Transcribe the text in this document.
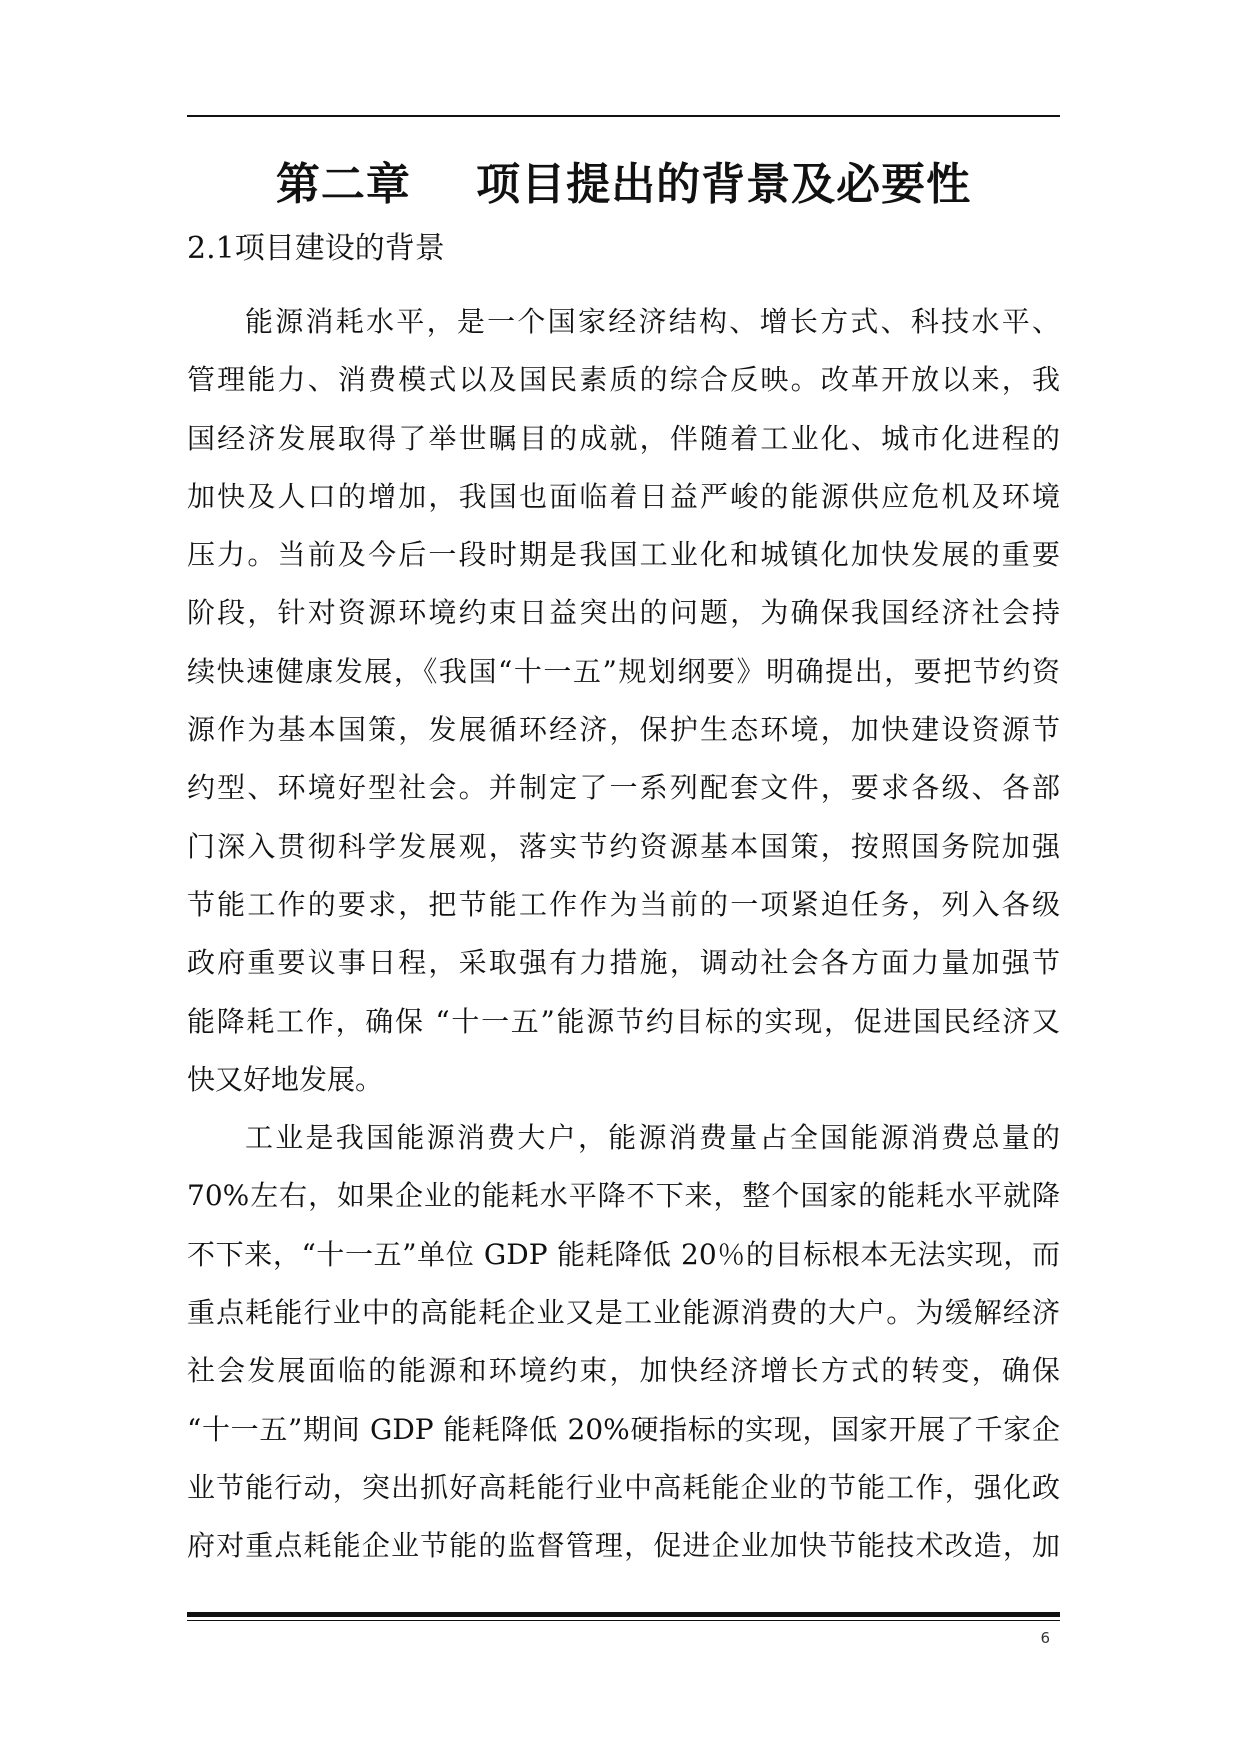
第二章    项目提出的背景及必要性
2.1项目建设的背景
能源消耗水平，是一个国家经济结构、增长方式、科技水平、
管理能力、消费模式以及国民素质的综合反映。改革开放以来，我
国经济发展取得了举世瞩目的成就，伴随着工业化、城市化进程的
加快及人口的增加，我国也面临着日益严峻的能源供应危机及环境
压力。当前及今后一段时期是我国工业化和城镇化加快发展的重要
阶段，针对资源环境约束日益突出的问题，为确保我国经济社会持
续快速健康发展，《我国“十一五”规划纲要》明确提出，要把节约资
源作为基本国策，发展循环经济，保护生态环境，加快建设资源节
约型、环境好型社会。并制定了一系列配套文件，要求各级、各部
门深入贯彻科学发展观，落实节约资源基本国策，按照国务院加强
节能工作的要求，把节能工作作为当前的一项紧迫任务，列入各级
政府重要议事日程，采取强有力措施，调动社会各方面力量加强节
能降耗工作，确保 “十一五”能源节约目标的实现，促进国民经济又
快又好地发展。
工业是我国能源消费大户，能源消费量占全国能源消费总量的
70%左右，如果企业的能耗水平降不下来，整个国家的能耗水平就降
不下来，“十一五”单位 GDP 能耗降低 20％的目标根本无法实现，而
重点耗能行业中的高能耗企业又是工业能源消费的大户。为缓解经济
社会发展面临的能源和环境约束，加快经济增长方式的转变，确保
“十一五”期间 GDP 能耗降低 20%硬指标的实现，国家开展了千家企
业节能行动，突出抓好高耗能行业中高耗能企业的节能工作，强化政
府对重点耗能企业节能的监督管理，促进企业加快节能技术改造，加
6
